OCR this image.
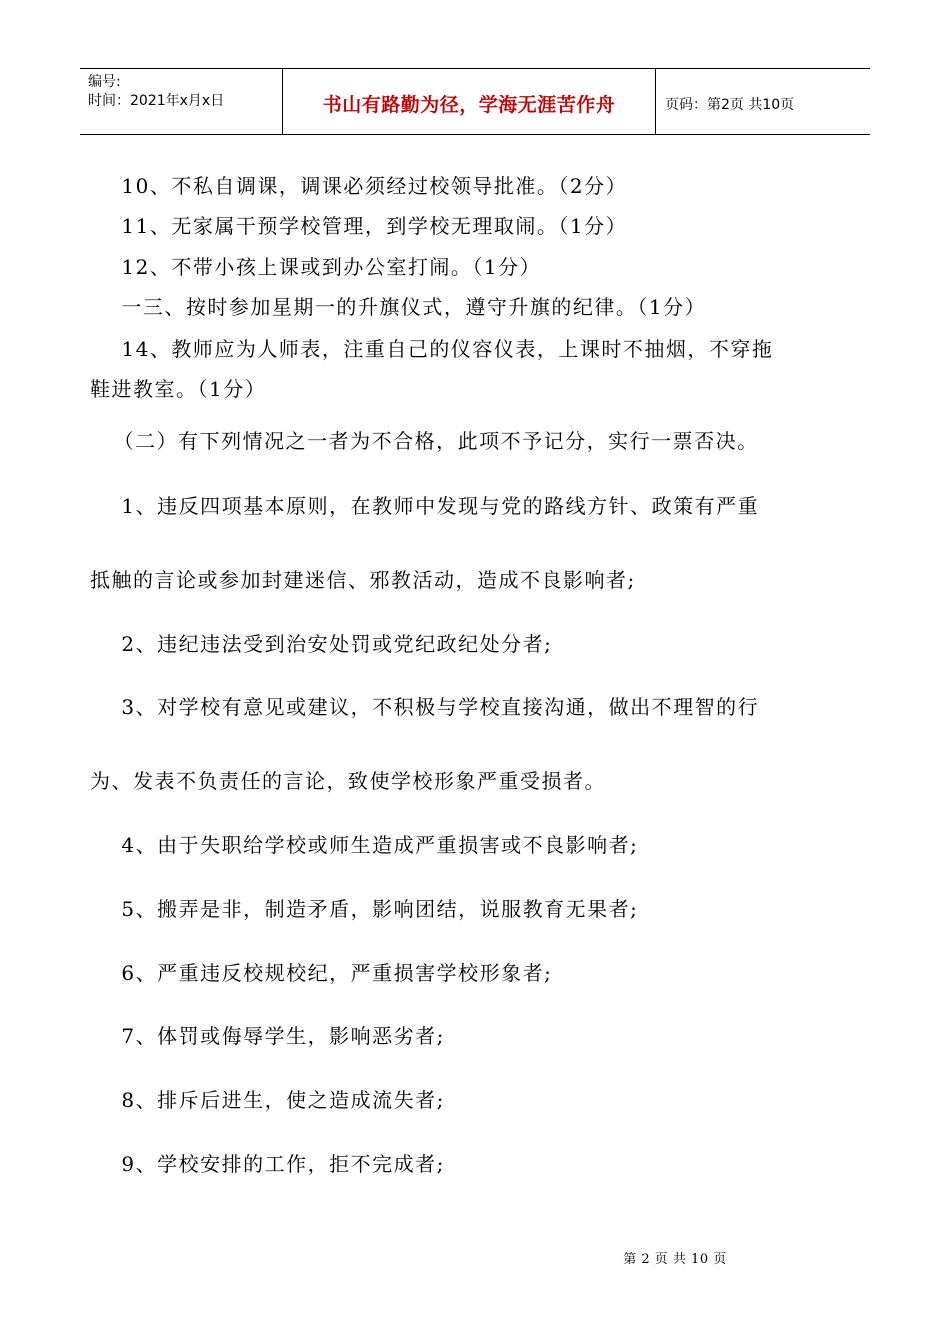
编号:
时间：2021年x月x日	书山有路勤为径，学海无涯苦作舟	页码：第2页 共10页
10、不私自调课，调课必须经过校领导批准。（2分）
11、无家属干预学校管理，到学校无理取闹。（1分）
12、不带小孩上课或到办公室打闹。（1分）
一三、按时参加星期一的升旗仪式，遵守升旗的纪律。（1分）
14、教师应为人师表，注重自己的仪容仪表，上课时不抽烟，不穿拖
鞋进教室。（1分）
（二）有下列情况之一者为不合格，此项不予记分，实行一票否决。
1、违反四项基本原则，在教师中发现与党的路线方针、政策有严重
抵触的言论或参加封建迷信、邪教活动，造成不良影响者;
2、违纪违法受到治安处罚或党纪政纪处分者;
3、对学校有意见或建议，不积极与学校直接沟通，做出不理智的行
为、发表不负责任的言论，致使学校形象严重受损者。
4、由于失职给学校或师生造成严重损害或不良影响者;
5、搬弄是非，制造矛盾，影响团结，说服教育无果者;
6、严重违反校规校纪，严重损害学校形象者;
7、体罚或侮辱学生，影响恶劣者;
8、排斥后进生，使之造成流失者;
9、学校安排的工作，拒不完成者;
第 2 页 共 10 页
